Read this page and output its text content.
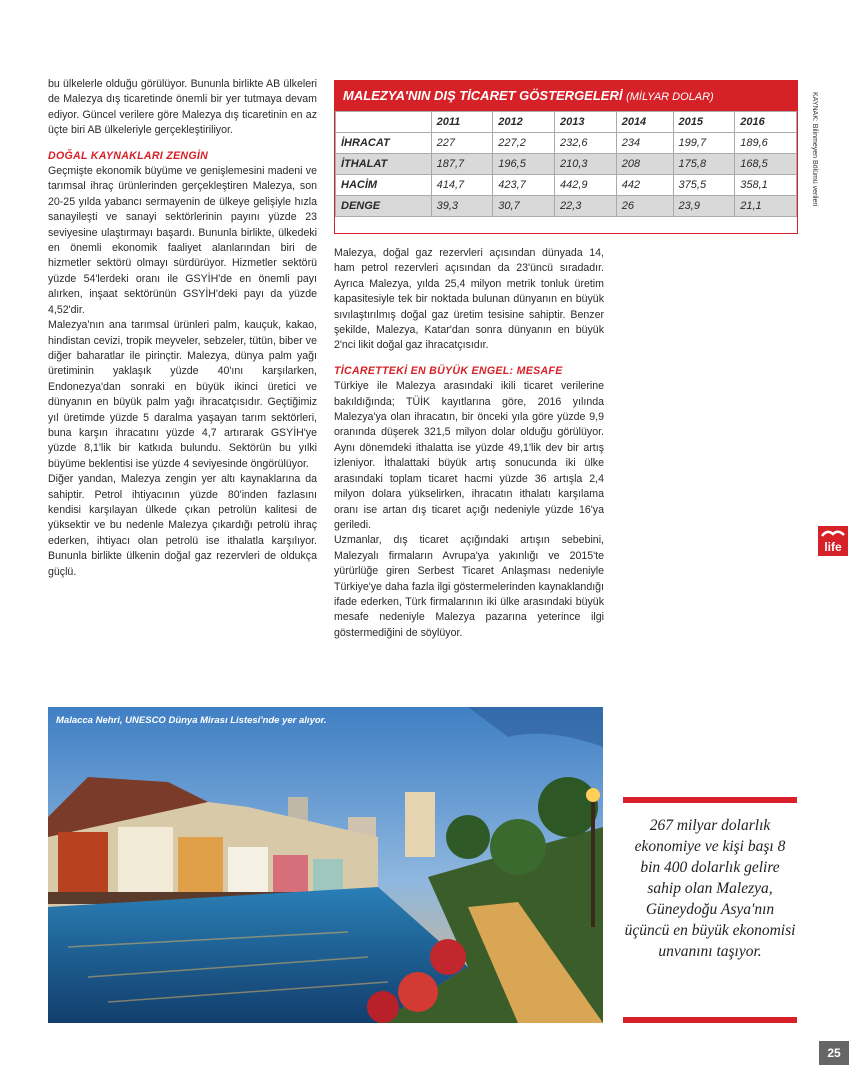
bu ülkelerle olduğu görülüyor. Bununla birlikte AB ülkeleri de Malezya dış ticaretinde önemli bir yer tutmaya devam ediyor. Güncel verilere göre Malezya dış ticaretinin en az üçte biri AB ülkeleriyle gerçekleştiriliyor.

DOĞAL KAYNAKLARI ZENGİN

Geçmişte ekonomik büyüme ve genişlemesini madeni ve tarımsal ihraç ürünlerinden gerçekleştiren Malezya, son 20-25 yılda yabancı sermayenin de ülkeye gelişiyle hızla sanayileşti ve sanayi sektörlerinin payını yüzde 23 seviyesine ulaştırmayı başardı. Bununla birlikte, ülkedeki en önemli ekonomik faaliyet alanlarından biri de hizmetler sektörü olmayı sürdürüyor. Hizmetler sektörü yüzde 54'lerdeki oranı ile GSYİH'de en önemli payı alırken, inşaat sektörünün GSYİH'deki payı da yüzde 4,52'dir.

Malezya'nın ana tarımsal ürünleri palm, kauçuk, kakao, hindistan cevizi, tropik meyveler, sebzeler, tütün, biber ve diğer baharatlar ile pirinçtir. Malezya, dünya palm yağı üretiminin yaklaşık yüzde 40'ını karşılarken, Endonezya'dan sonraki en büyük ikinci üretici ve dünyanın en büyük palm yağı ihracatçısıdır. Geçtiğimiz yıl üretimde yüzde 5 daralma yaşayan tarım sektörleri, buna karşın ihracatını yüzde 4,7 artırarak GSYİH'ye yüzde 8,1'lik bir katkıda bulundu. Sektörün bu yılki büyüme beklentisi ise yüzde 4 seviyesinde öngörülüyor.

Diğer yandan, Malezya zengin yer altı kaynaklarına da sahiptir. Petrol ihtiyacının yüzde 80'inden fazlasını kendisi karşılayan ülkede çıkan petrolün kalitesi de yüksektir ve bu nedenle Malezya çıkardığı petrolü ihraç ederken, ihtiyacı olan petrolü ise ithalatla karşılıyor. Bununla birlikte ülkenin doğal gaz rezervleri de oldukça güçlü.

MALEZYA'NIN DIŞ TİCARET GÖSTERGELERİ (MİLYAR DOLAR)
	2011	2012	2013	2014	2015	2016
İHRACAT	227	227,2	232,6	234	199,7	189,6
İTHALAT	187,7	196,5	210,3	208	175,8	168,5
HACİM	414,7	423,7	442,9	442	375,5	358,1
DENGE	39,3	30,7	22,3	26	23,9	21,1	KAYNAK: Bilinmeyen Bölümü verileri

Malezya, doğal gaz rezervleri açısından dünyada 14, ham petrol rezervleri açısından da 23'üncü sıradadır. Ayrıca Malezya, yılda 25,4 milyon metrik tonluk üretim kapasitesiyle tek bir noktada bulunan dünyanın en büyük sıvılaştırılmış doğal gaz üretim tesisine sahiptir. Benzer şekilde, Malezya, Katar'dan sonra dünyanın en büyük 2'nci likit doğal gaz ihracatçısıdır.

TİCARETTEKİ EN BÜYÜK ENGEL: MESAFE

Türkiye ile Malezya arasındaki ikili ticaret verilerine bakıldığında; TÜİK kayıtlarına göre, 2016 yılında Malezya'ya olan ihracatın, bir önceki yıla göre yüzde 9,9 oranında düşerek 321,5 milyon dolar olduğu görülüyor. Aynı dönemdeki ithalatta ise yüzde 49,1'lik dev bir artış izleniyor. İthalattaki büyük artış sonucunda iki ülke arasındaki toplam ticaret hacmi yüzde 36 artışla 2,4 milyon dolara yükselirken, ihracatın ithalatı karşılama oranı ise artan dış ticaret açığı nedeniyle yüzde 16'ya geriledi.

Uzmanlar, dış ticaret açığındaki artışın sebebini, Malezyalı firmaların Avrupa'ya yakınlığı ve 2015'te yürürlüğe giren Serbest Ticaret Anlaşması nedeniyle Türkiye'ye daha fazla ilgi göstermelerinden kaynaklandığı ifade ederken, Türk firmalarının iki ülke arasındaki büyük mesafe nedeniyle Malezya pazarına yeterince ilgi göstermediğini de söylüyor.

life
Malacca Nehri, UNESCO Dünya Mirası Listesi'nde yer alıyor.
267 milyar dolarlık ekonomiye ve kişi başı 8 bin 400 dolarlık gelire sahip olan Malezya, Güneydoğu Asya'nın üçüncü en büyük ekonomisi unvanını taşıyor.
25
